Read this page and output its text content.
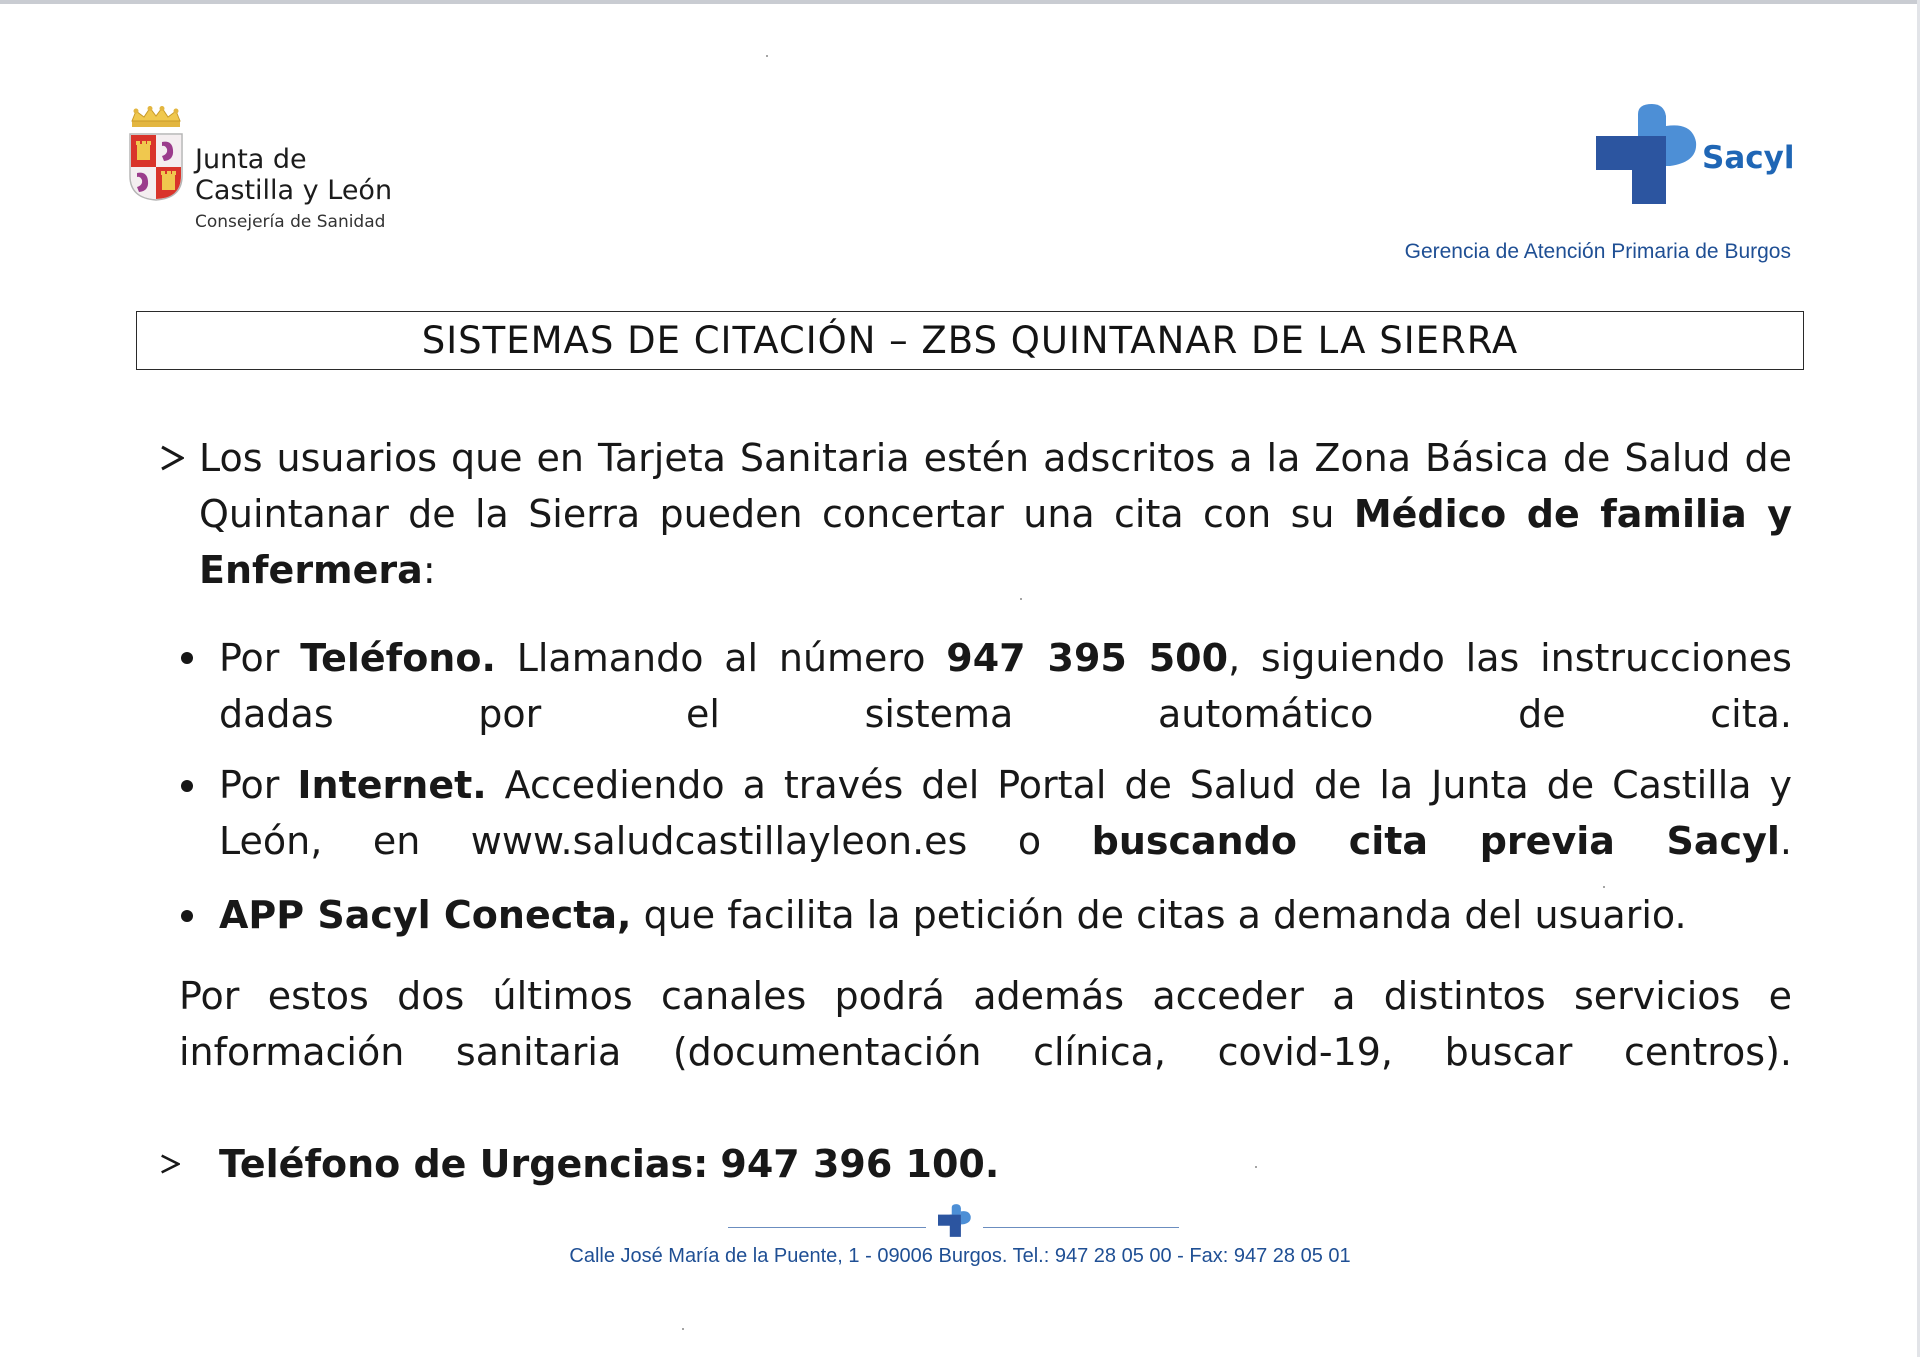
Junta de
Castilla y León
Consejería de Sanidad
Sacyl
Gerencia de Atención Primaria de Burgos
SISTEMAS DE CITACIÓN – ZBS QUINTANAR DE LA SIERRA
Los usuarios que en Tarjeta Sanitaria estén adscritos a la Zona Básica de Salud de Quintanar de la Sierra pueden concertar una cita con su Médico de familia y Enfermera:
Por Teléfono. Llamando al número 947 395 500, siguiendo las instrucciones dadas por el sistema automático de cita.
Por Internet. Accediendo a través del Portal de Salud de la Junta de Castilla y León, en www.saludcastillayleon.es o buscando cita previa Sacyl.
APP Sacyl Conecta, que facilita la petición de citas a demanda del usuario.
Por estos dos últimos canales podrá además acceder a distintos servicios e información sanitaria (documentación clínica, covid-19, buscar centros).
Teléfono de Urgencias: 947 396 100.
Calle José María de la Puente, 1 - 09006 Burgos. Tel.: 947 28 05 00 - Fax: 947 28 05 01
